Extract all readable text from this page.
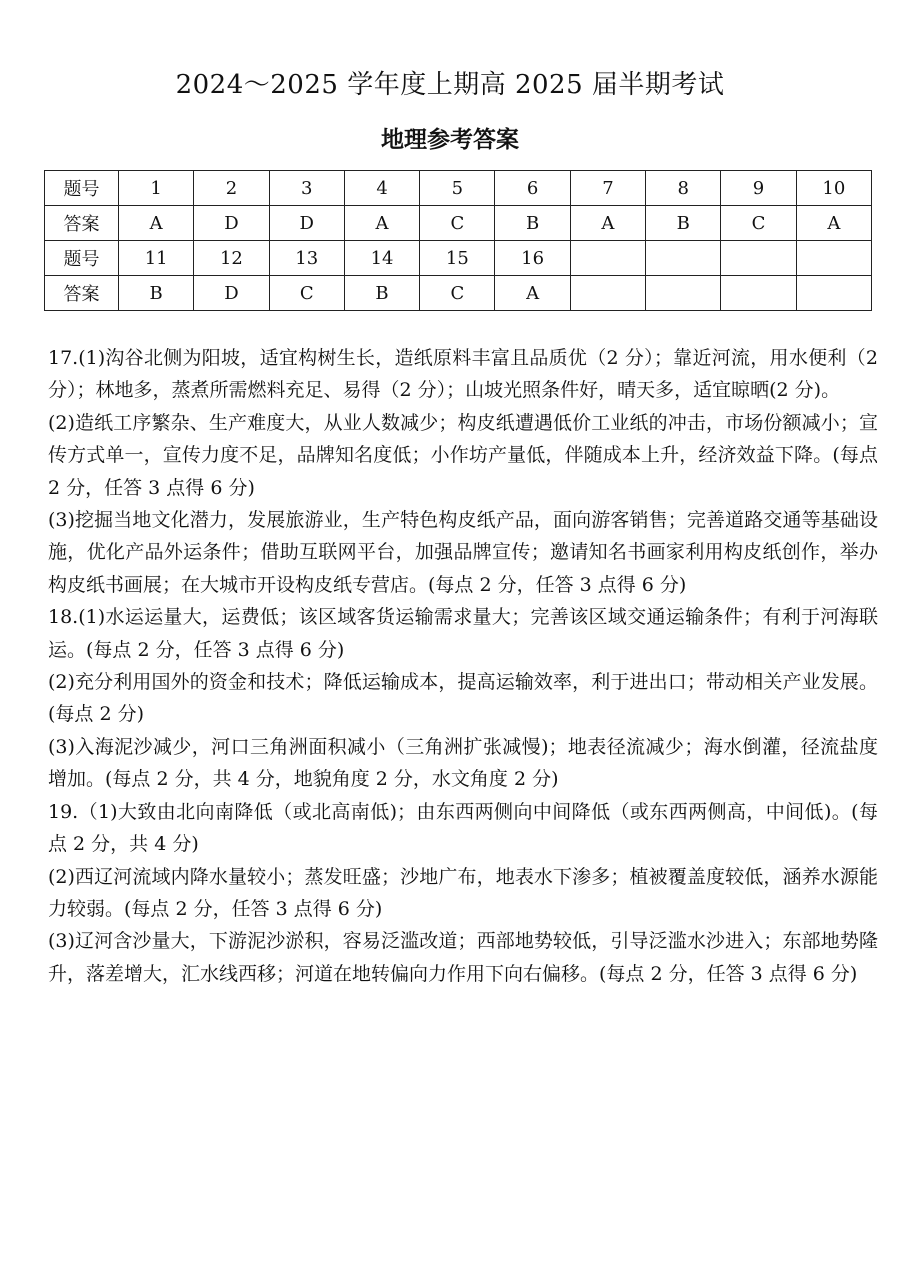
2024～2025 学年度上期高 2025 届半期考试
地理参考答案
题号	1	2	3	4	5	6	7	8	9	10
答案	A	D	D	A	C	B	A	B	C	A
题号	11	12	13	14	15	16				
答案	B	D	C	B	C	A				

17.(1)沟谷北侧为阳坡，适宜构树生长，造纸原料丰富且品质优（2 分）；靠近河流，用水便利（2 分）；林地多，蒸煮所需燃料充足、易得（2 分）；山坡光照条件好，晴天多，适宜晾晒(2 分)。

(2)造纸工序繁杂、生产难度大，从业人数减少；构皮纸遭遇低价工业纸的冲击，市场份额减小；宣传方式单一，宣传力度不足，品牌知名度低；小作坊产量低，伴随成本上升，经济效益下降。(每点 2 分，任答 3 点得 6 分)

(3)挖掘当地文化潜力，发展旅游业，生产特色构皮纸产品，面向游客销售；完善道路交通等基础设施，优化产品外运条件；借助互联网平台，加强品牌宣传；邀请知名书画家利用构皮纸创作，举办构皮纸书画展；在大城市开设构皮纸专营店。(每点 2 分，任答 3 点得 6 分)

18.(1)水运运量大，运费低；该区域客货运输需求量大；完善该区域交通运输条件；有利于河海联运。(每点 2 分，任答 3 点得 6 分)

(2)充分利用国外的资金和技术；降低运输成本，提高运输效率，利于进出口；带动相关产业发展。(每点 2 分)

(3)入海泥沙减少，河口三角洲面积减小（三角洲扩张减慢)；地表径流减少；海水倒灌，径流盐度增加。(每点 2 分，共 4 分，地貌角度 2 分，水文角度 2 分)

19.（1)大致由北向南降低（或北高南低)；由东西两侧向中间降低（或东西两侧高，中间低)。(每点 2 分，共 4 分)

(2)西辽河流域内降水量较小；蒸发旺盛；沙地广布，地表水下渗多；植被覆盖度较低，涵养水源能力较弱。(每点 2 分，任答 3 点得 6 分)

(3)辽河含沙量大，下游泥沙淤积，容易泛滥改道；西部地势较低，引导泛滥水沙进入；东部地势隆升，落差增大，汇水线西移；河道在地转偏向力作用下向右偏移。(每点 2 分，任答 3 点得 6 分)
